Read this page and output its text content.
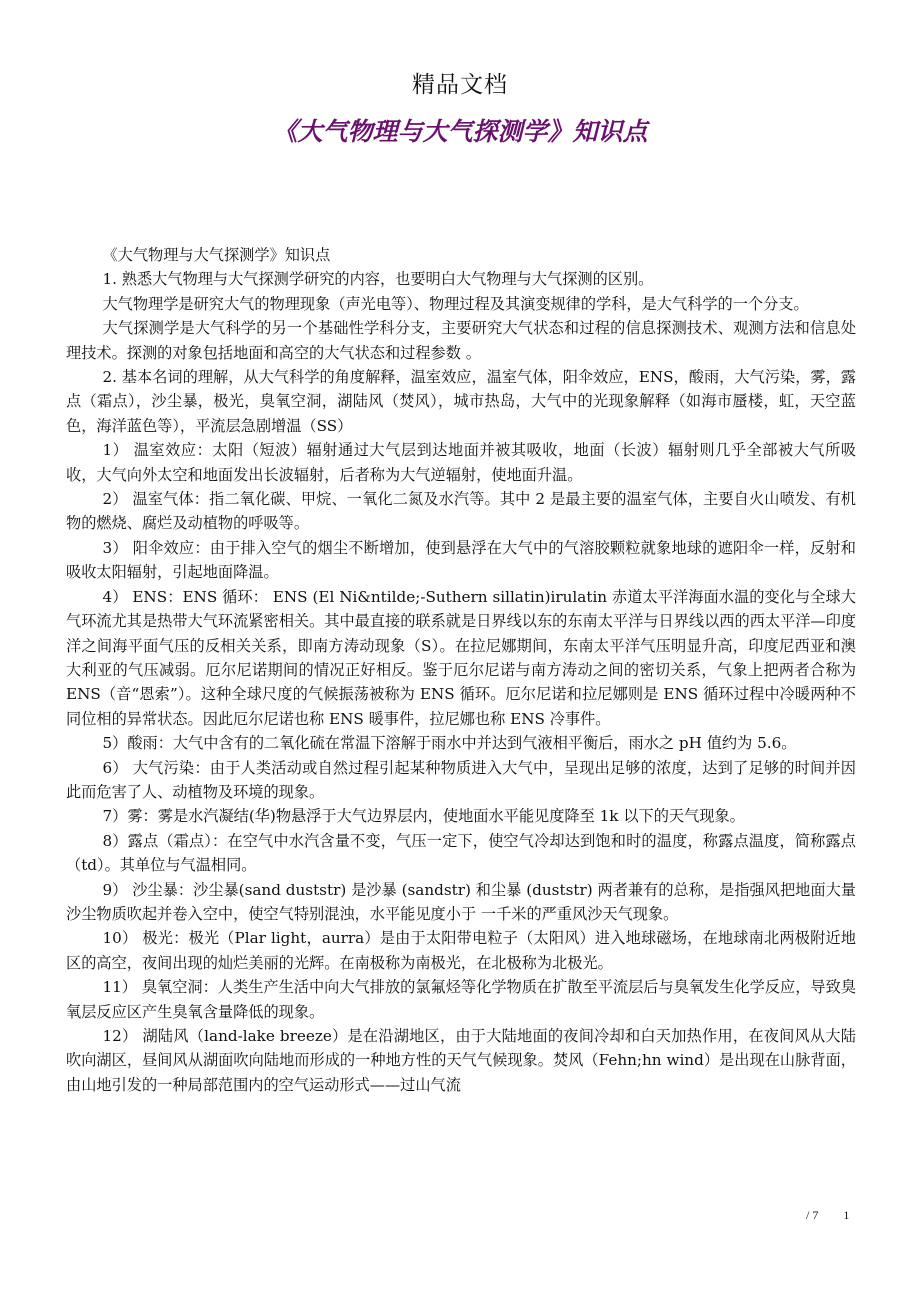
精品文档
《大气物理与大气探测学》知识点

《大气物理与大气探测学》知识点

1. 熟悉大气物理与大气探测学研究的内容，也要明白大气物理与大气探测的区别。

大气物理学是研究大气的物理现象（声光电等）、物理过程及其演变规律的学科，是大气科学的一个分支。

大气探测学是大气科学的另一个基础性学科分支，主要研究大气状态和过程的信息探测技术、观测方法和信息处理技术。探测的对象包括地面和高空的大气状态和过程参数 。

2. 基本名词的理解，从大气科学的角度解释，温室效应，温室气体，阳伞效应，ENS，酸雨，大气污染，雾，露点（霜点），沙尘暴，极光，臭氧空洞，湖陆风（焚风），城市热岛，大气中的光现象解释（如海市蜃楼，虹，天空蓝色，海洋蓝色等），平流层急剧增温（SS）

1） 温室效应：太阳（短波）辐射通过大气层到达地面并被其吸收，地面（长波）辐射则几乎全部被大气所吸收，大气向外太空和地面发出长波辐射，后者称为大气逆辐射，使地面升温。

2） 温室气体：指二氧化碳、甲烷、一氧化二氮及水汽等。其中 2 是最主要的温室气体，主要自火山喷发、有机物的燃烧、腐烂及动植物的呼吸等。

3） 阳伞效应：由于排入空气的烟尘不断增加，使到悬浮在大气中的气溶胶颗粒就象地球的遮阳伞一样，反射和吸收太阳辐射，引起地面降温。

4） ENS：ENS 循环： ENS (El Ni&ntilde;-Suthern sillatin)irulatin 赤道太平洋海面水温的变化与全球大气环流尤其是热带大气环流紧密相关。其中最直接的联系就是日界线以东的东南太平洋与日界线以西的西太平洋—印度洋之间海平面气压的反相关关系，即南方涛动现象（S）。在拉尼娜期间，东南太平洋气压明显升高，印度尼西亚和澳大利亚的气压减弱。厄尔尼诺期间的情况正好相反。鉴于厄尔尼诺与南方涛动之间的密切关系，气象上把两者合称为 ENS（音“恩索”）。这种全球尺度的气候振荡被称为 ENS 循环。厄尔尼诺和拉尼娜则是 ENS 循环过程中冷暖两种不同位相的异常状态。因此厄尔尼诺也称 ENS 暖事件，拉尼娜也称 ENS 冷事件。

5）酸雨：大气中含有的二氧化硫在常温下溶解于雨水中并达到气液相平衡后，雨水之 pH 值约为 5.6。

6） 大气污染：由于人类活动或自然过程引起某种物质进入大气中，呈现出足够的浓度，达到了足够的时间并因此而危害了人、动植物及环境的现象。

7）雾：雾是水汽凝结(华)物悬浮于大气边界层内，使地面水平能见度降至 1k 以下的天气现象。

8）露点（霜点）：在空气中水汽含量不变，气压一定下，使空气冷却达到饱和时的温度，称露点温度，简称露点（td）。其单位与气温相同。

9） 沙尘暴：沙尘暴(sand duststr) 是沙暴 (sandstr) 和尘暴 (duststr) 两者兼有的总称，是指强风把地面大量沙尘物质吹起并卷入空中，使空气特别混浊，水平能见度小于 一千米的严重风沙天气现象。

10） 极光：极光（Plar light，aurra）是由于太阳带电粒子（太阳风）进入地球磁场，在地球南北两极附近地区的高空，夜间出现的灿烂美丽的光辉。在南极称为南极光，在北极称为北极光。

11） 臭氧空洞：人类生产生活中向大气排放的氯氟烃等化学物质在扩散至平流层后与臭氧发生化学反应，导致臭氧层反应区产生臭氧含量降低的现象。

12） 湖陆风（land-lake breeze）是在沿湖地区，由于大陆地面的夜间冷却和白天加热作用，在夜间风从大陆吹向湖区，昼间风从湖面吹向陆地而形成的一种地方性的天气气候现象。焚风（Fehn;hn wind）是出现在山脉背面，由山地引发的一种局部范围内的空气运动形式——过山气流

/ 7 1
